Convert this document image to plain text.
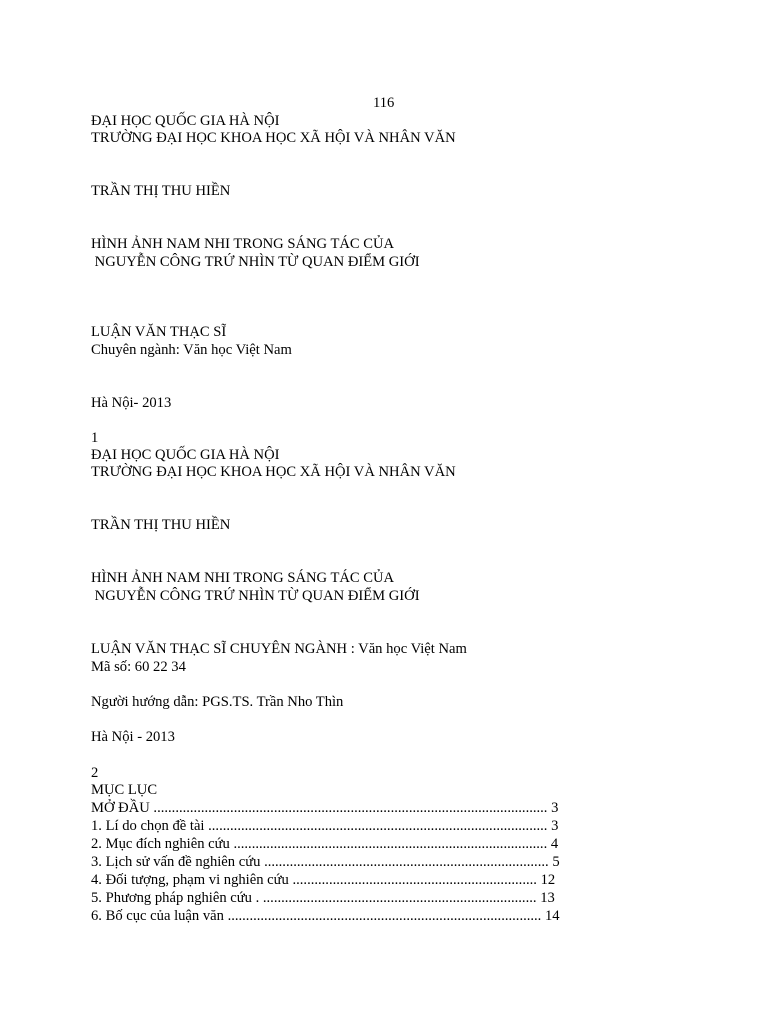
116
ĐẠI HỌC QUỐC GIA HÀ NỘI
TRƯỜNG ĐẠI HỌC KHOA HỌC XÃ HỘI VÀ NHÂN VĂN
TRẦN THỊ THU HIỀN
HÌNH ẢNH NAM NHI TRONG SÁNG TÁC CỦA
NGUYỄN CÔNG TRỨ NHÌN TỪ QUAN ĐIỂM GIỚI
LUẬN VĂN THẠC SĨ
Chuyên ngành: Văn học Việt Nam
Hà Nội- 2013
1
ĐẠI HỌC QUỐC GIA HÀ NỘI
TRƯỜNG ĐẠI HỌC KHOA HỌC XÃ HỘI VÀ NHÂN VĂN
TRẦN THỊ THU HIỀN
HÌNH ẢNH NAM NHI TRONG SÁNG TÁC CỦA
NGUYỄN CÔNG TRỨ NHÌN TỪ QUAN ĐIỂM GIỚI
LUẬN VĂN THẠC SĨ CHUYÊN NGÀNH : Văn học Việt Nam
Mã số: 60 22 34
Người hướng dẫn: PGS.TS. Trần Nho Thìn
Hà Nội - 2013
2
MỤC LỤC
MỞ ĐẦU ............................................................................................................ 3
1. Lí do chọn đề tài ............................................................................................. 3
2. Mục đích nghiên cứu ...................................................................................... 4
3. Lịch sử vấn đề nghiên cứu .............................................................................. 5
4. Đối tượng, phạm vi nghiên cứu ................................................................... 12
5. Phương pháp nghiên cứu . ........................................................................... 13
6. Bố cục của luận văn ...................................................................................... 14
